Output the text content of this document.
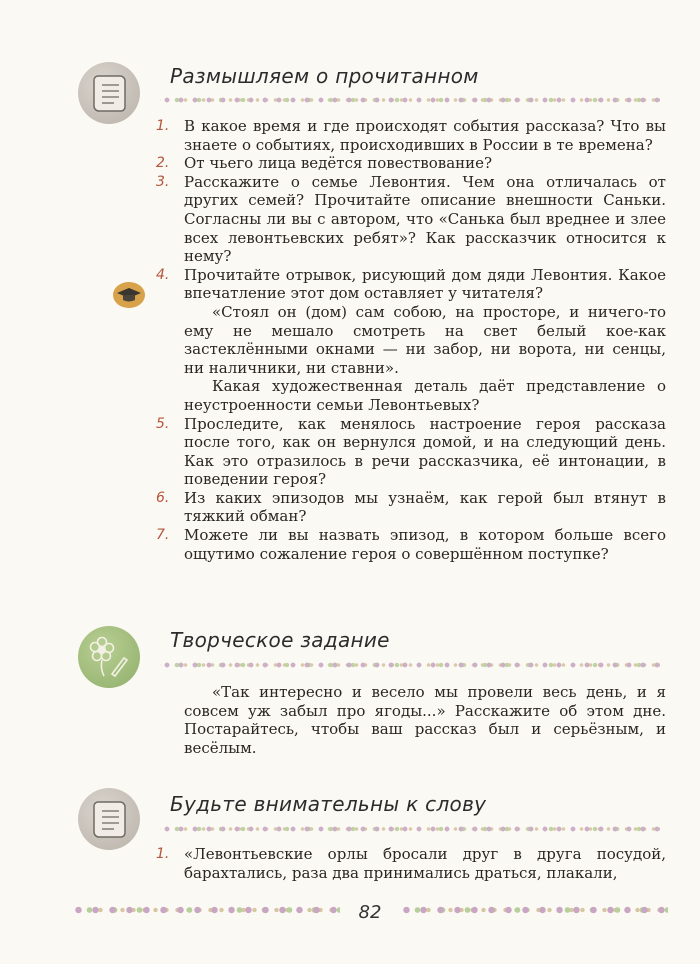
Размышляем о прочитанном
1. В какое время и где происходят события рассказа? Что вы знаете о событиях, происходивших в России в те времена?

2. От чьего лица ведётся повествование?

3. Расскажите о семье Левонтия. Чем она отличалась от других семей? Прочитайте описание внешности Саньки. Согласны ли вы с автором, что «Санька был вреднее и злее всех левонтьевских ребят»? Как рассказчик относится к нему?

4. Прочитайте отрывок, рисующий дом дяди Левонтия. Какое впечатление этот дом оставляет у читателя?

«Стоял он (дом) сам собою, на просторе, и ничего-то ему не мешало смотреть на свет белый кое-как застеклёнными окнами — ни забор, ни ворота, ни сенцы, ни наличники, ни ставни».

Какая художественная деталь даёт представление о неустроенности семьи Левонтьевых?

5. Проследите, как менялось настроение героя рассказа после того, как он вернулся домой, и на следующий день. Как это отразилось в речи рассказчика, её интонации, в поведении героя?

6. Из каких эпизодов мы узнаём, как герой был втянут в тяжкий обман?

7. Можете ли вы назвать эпизод, в котором больше всего ощутимо сожаление героя о совершённом поступке?

Творческое задание

«Так интересно и весело мы провели весь день, и я совсем уж забыл про ягоды...» Расскажите об этом дне. Постарайтесь, чтобы ваш рассказ был и серьёзным, и весёлым.

Будьте внимательны к слову
1. «Левонтьевские орлы бросали друг в друга посудой, барахтались, раза два принимались драться, плакали,

82
